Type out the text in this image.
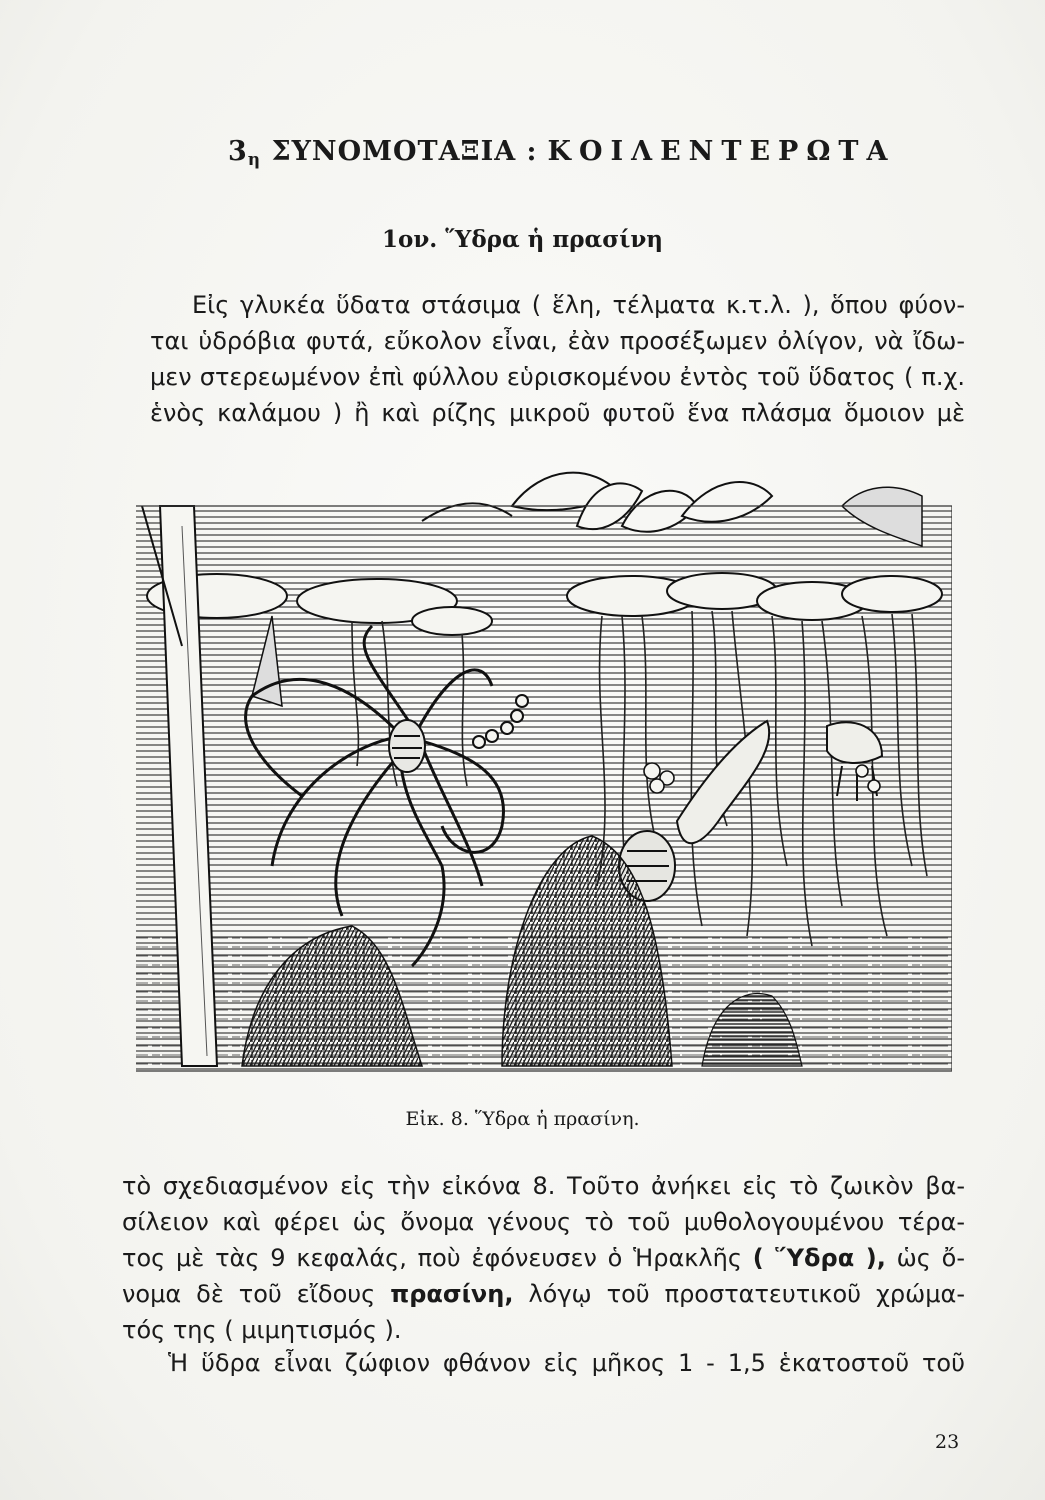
$3_\eta$ ΣΥΝΟΜΟΤΑΞΙΑ : ΚΟΙΛΕΝΤΕΡΩΤΑ
1ον. Ὕδρα ἡ πρασίνη
Εἰς γλυκέα ὕδατα στάσιμα ( ἕλη, τέλματα κ.τ.λ. ), ὅπου φύον-
ται ὑδρόβια φυτά, εὔκολον εἶναι, ἐὰν προσέξωμεν ὀλίγον, νὰ ἴδω-
μεν στερεωμένον ἐπὶ φύλλου εὑρισκομένου ἐντὸς τοῦ ὕδατος ( π.χ.
ἑνὸς καλάμου ) ἢ καὶ ρίζης μικροῦ φυτοῦ ἕνα πλάσμα ὅμοιον μὲ
Εἰκ. 8. Ὕδρα ἡ πρασίνη.
τὸ σχεδιασμένον εἰς τὴν εἰκόνα 8. Τοῦτο ἀνήκει εἰς τὸ ζωικὸν βα-
σίλειον καὶ φέρει ὡς ὄνομα γένους τὸ τοῦ μυθολογουμένου τέρα-
τος μὲ τὰς 9 κεφαλάς, ποὺ ἐφόνευσεν ὁ Ἡρακλῆς ( Ὕδρα ), ὡς ὄ-
νομα δὲ τοῦ εἴδους πρασίνη, λόγῳ τοῦ προστατευτικοῦ χρώμα-
τός της ( μιμητισμός ).
Ἡ ὕδρα εἶναι ζώφιον φθάνον εἰς μῆκος 1 - 1,5 ἑκατοστοῦ τοῦ
23
